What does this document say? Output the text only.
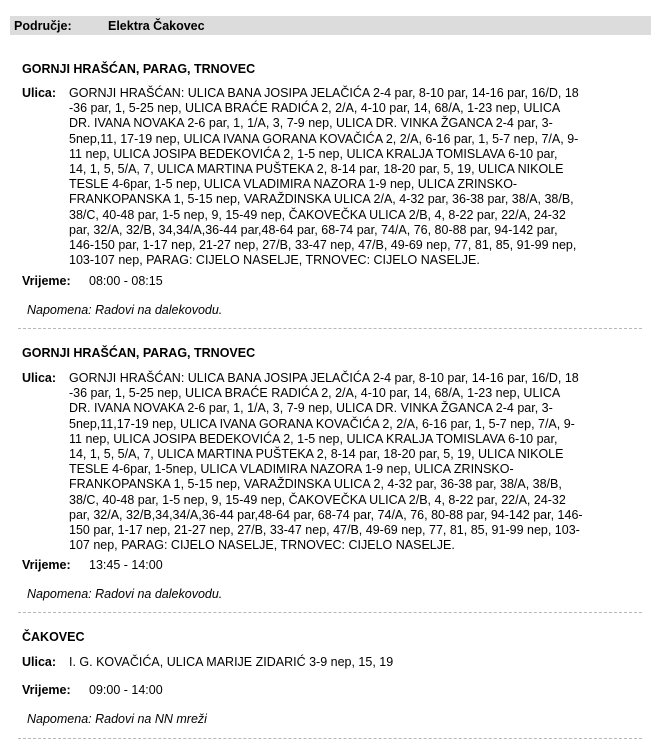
Područje:	Elektra Čakovec
GORNJI HRAŠĆAN, PARAG, TRNOVEC
Ulica: GORNJI HRAŠĆAN: ULICA BANA JOSIPA JELAČIĆA 2-4 par, 8-10 par, 14-16 par, 16/D, 18
-36 par, 1, 5-25 nep, ULICA BRAĆE RADIĆA 2, 2/A, 4-10 par, 14, 68/A, 1-23 nep, ULICA
DR. IVANA NOVAKA 2-6 par, 1, 1/A, 3, 7-9 nep, ULICA DR. VINKA ŽGANCA 2-4 par, 3-
5nep,11, 17-19 nep, ULICA IVANA GORANA KOVAČIĆA 2, 2/A, 6-16 par, 1, 5-7 nep, 7/A, 9-
11 nep, ULICA JOSIPA BEDEKOVIĆA 2, 1-5 nep, ULICA KRALJA TOMISLAVA 6-10 par,
14, 1, 5, 5/A, 7, ULICA MARTINA PUŠTEKA 2, 8-14 par, 18-20 par, 5, 19, ULICA NIKOLE
TESLE 4-6par, 1-5 nep, ULICA VLADIMIRA NAZORA 1-9 nep, ULICA ZRINSKO-
FRANKOPANSKA 1, 5-15 nep, VARAŽDINSKA ULICA 2/A, 4-32 par, 36-38 par, 38/A, 38/B,
38/C, 40-48 par, 1-5 nep, 9, 15-49 nep, ČAKOVEČKA ULICA 2/B, 4, 8-22 par, 22/A, 24-32
par, 32/A, 32/B, 34,34/A,36-44 par,48-64 par, 68-74 par, 74/A, 76, 80-88 par, 94-142 par,
146-150 par, 1-17 nep, 21-27 nep, 27/B, 33-47 nep, 47/B, 49-69 nep, 77, 81, 85, 91-99 nep,
103-107 nep, PARAG: CIJELO NASELJE, TRNOVEC: CIJELO NASELJE.
Vrijeme: 08:00 - 08:15
Napomena: Radovi na dalekovodu.
GORNJI HRAŠĆAN, PARAG, TRNOVEC
Ulica: GORNJI HRAŠĆAN: ULICA BANA JOSIPA JELAČIĆA 2-4 par, 8-10 par, 14-16 par, 16/D, 18
-36 par, 1, 5-25 nep, ULICA BRAĆE RADIĆA 2, 2/A, 4-10 par, 14, 68/A, 1-23 nep, ULICA
DR. IVANA NOVAKA 2-6 par, 1, 1/A, 3, 7-9 nep, ULICA DR. VINKA ŽGANCA 2-4 par, 3-
5nep,11,17-19 nep, ULICA IVANA GORANA KOVAČIĆA 2, 2/A, 6-16 par, 1, 5-7 nep, 7/A, 9-
11 nep, ULICA JOSIPA BEDEKOVIĆA 2, 1-5 nep, ULICA KRALJA TOMISLAVA 6-10 par,
14, 1, 5, 5/A, 7, ULICA MARTINA PUŠTEKA 2, 8-14 par, 18-20 par, 5, 19, ULICA NIKOLE
TESLE 4-6par, 1-5nep, ULICA VLADIMIRA NAZORA 1-9 nep, ULICA ZRINSKO-
FRANKOPANSKA 1, 5-15 nep, VARAŽDINSKA ULICA 2, 4-32 par, 36-38 par, 38/A, 38/B,
38/C, 40-48 par, 1-5 nep, 9, 15-49 nep, ČAKOVEČKA ULICA 2/B, 4, 8-22 par, 22/A, 24-32
par, 32/A, 32/B,34,34/A,36-44 par,48-64 par, 68-74 par, 74/A, 76, 80-88 par, 94-142 par, 146-
150 par, 1-17 nep, 21-27 nep, 27/B, 33-47 nep, 47/B, 49-69 nep, 77, 81, 85, 91-99 nep, 103-
107 nep, PARAG: CIJELO NASELJE, TRNOVEC: CIJELO NASELJE.
Vrijeme: 13:45 - 14:00
Napomena: Radovi na dalekovodu.
ČAKOVEC
Ulica: I. G. KOVAČIĆA, ULICA MARIJE ZIDARIĆ 3-9 nep, 15, 19
Vrijeme: 09:00 - 14:00
Napomena: Radovi na NN mreži
